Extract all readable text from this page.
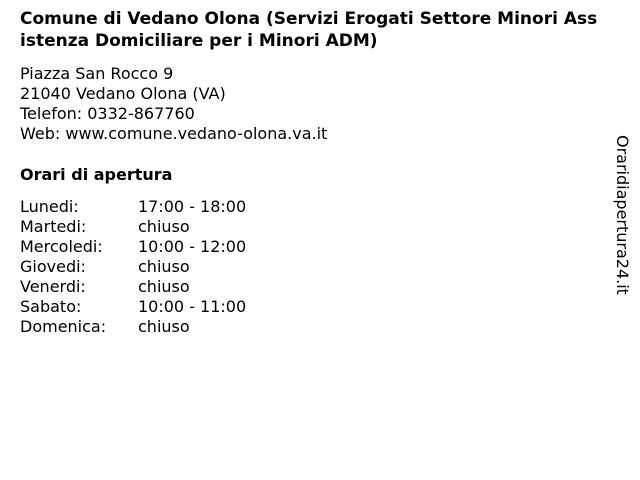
Comune di Vedano Olona (Servizi Erogati Settore Minori Assistenza Domiciliare per i Minori ADM)
Piazza San Rocco 9
21040 Vedano Olona (VA)
Telefon: 0332-867760
Web: www.comune.vedano-olona.va.it
Orari di apertura
Lunedi:	17:00 - 18:00
Martedi:	chiuso
Mercoledi:	10:00 - 12:00
Giovedi:	chiuso
Venerdi:	chiuso
Sabato:	10:00 - 11:00
Domenica:	chiuso
Oraridiapertura24.it
